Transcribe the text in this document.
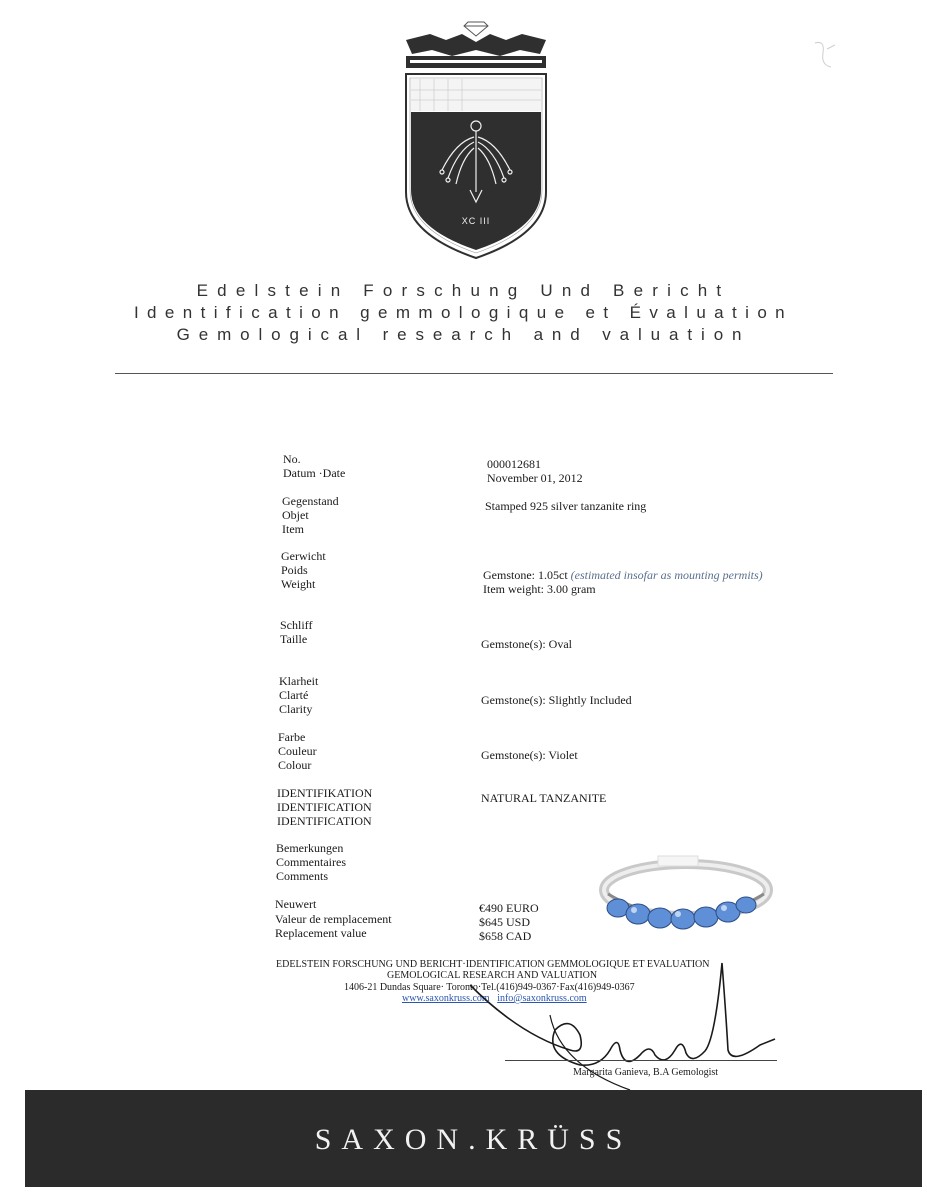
XC III
Edelstein Forschung Und Bericht
Identification gemmologique et Évaluation
Gemological research and valuation
No.
Datum ·Date
000012681
November 01, 2012
Gegenstand
Objet
Item
Stamped 925 silver tanzanite ring
Gerwicht
Poids
Weight
Gemstone: 1.05ct (estimated insofar as mounting permits)
Item weight: 3.00 gram
Schliff
Taille	Gemstone(s): Oval
Klarheit
Clarté
Clarity
Gemstone(s): Slightly Included
Farbe
Couleur
Colour
Gemstone(s): Violet
IDENTIFIKATION
IDENTIFICATION
IDENTIFICATION
NATURAL TANZANITE
Bemerkungen
Commentaires
Comments
Neuwert
Valeur de remplacement
Replacement value
€490 EURO
$645 USD
$658 CAD
EDELSTEIN FORSCHUNG UND BERICHT·IDENTIFICATION GEMMOLOGIQUE ET EVALUATION
GEMOLOGICAL RESEARCH AND VALUATION
1406-21 Dundas Square· Toronto·Tel.(416)949-0367·Fax(416)949-0367
www.saxonkruss.com info@saxonkruss.com
Margarita Ganieva, B.A Gemologist
SAXON.KRÜSS
